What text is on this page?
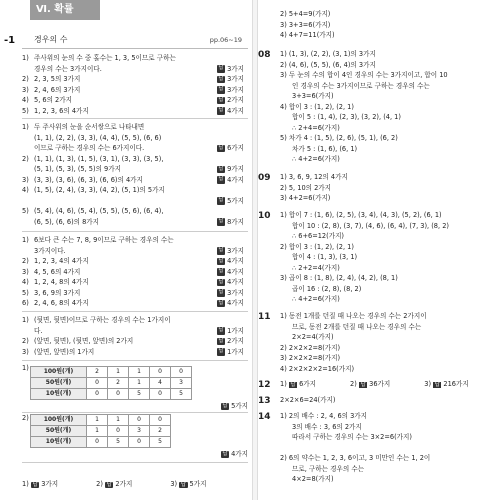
Ⅵ. 확률
-1 경우의 수	pp.06~19
1) 주사위의 눈의 수 중 홀수는 1, 3, 5이므로 구하는
경우의 수는 3가지이다.
2) 2, 3, 5의 3가지
3) 2, 4, 6의 3가지
4) 5, 6의 2가지
5) 1, 2, 3, 6의 4가지
답 3가지
답 3가지
답 3가지
답 2가지
답 4가지
1) 두 주사위의 눈을 순서쌍으로 나타내면
(1, 1), (2, 2), (3, 3), (4, 4), (5, 5), (6, 6)
이므로 구하는 경우의 수는 6가지이다.
2) (1, 1), (1, 3), (1, 5), (3, 1), (3, 3), (3, 5),
(5, 1), (5, 3), (5, 5)의 9가지
3) (3, 3), (3, 6), (6, 3), (6, 6)의 4가지
4) (1, 5), (2, 4), (3, 3), (4, 2), (5, 1)의 5가지
5) (5, 4), (4, 6), (5, 4), (5, 5), (5, 6), (6, 4),
(6, 5), (6, 6)의 8가지
답 6가지
답 9가지
답 4가지
답 5가지
답 8가지
1) 6보다 큰 수는 7, 8, 9이므로 구하는 경우의 수는
3가지이다.
2) 1, 2, 3, 4의 4가지
3) 4, 5, 6의 4가지
4) 1, 2, 4, 8의 4가지
5) 3, 6, 9의 3가지
6) 2, 4, 6, 8의 4가지
답 3가지
답 4가지
답 4가지
답 4가지
답 3가지
답 4가지
1) (뒷면, 뒷면)이므로 구하는 경우의 수는 1가지이
다.
2) (앞면, 뒷면), (뒷면, 앞면)의 2가지
3) (앞면, 앞면)의 1가지
답 1가지
답 2가지
답 1가지
1) 100원(개)	2	1	1	0	0
50원(개)	0	2	1	4	3
10원(개)	0	0	5	0	5
답 5가지
2) 100원(개)	1	1	0	0
50원(개)	1	0	3	2
10원(개)	0	5	0	5
답 4가지
1) 답 3가지	2) 답 2가지	3) 답 5가지
2) 5+4=9(가지)
3) 3+3=6(가지)
4) 4+7=11(가지)
08 1) (1, 3), (2, 2), (3, 1)의 3가지
2) (4, 6), (5, 5), (6, 4)의 3가지
3) 두 눈의 수의 합이 4인 경우의 수는 3가지이고, 합이 10
인 경우의 수는 3가지이므로 구하는 경우의 수는
3+3=6(가지)
4) 합이 3 : (1, 2), (2, 1)
합이 5 : (1, 4), (2, 3), (3, 2), (4, 1)
∴ 2+4=6(가지)
5) 차가 4 : (1, 5), (2, 6), (5, 1), (6, 2)
차가 5 : (1, 6), (6, 1)
∴ 4+2=6(가지)
09 1) 3, 6, 9, 12의 4가지
2) 5, 10의 2가지
3) 4+2=6(가지)
10 1) 합이 7 : (1, 6), (2, 5), (3, 4), (4, 3), (5, 2), (6, 1)
합이 10 : (2, 8), (3, 7), (4, 6), (6, 4), (7, 3), (8, 2)
∴ 6+6=12(가지)
2) 합이 3 : (1, 2), (2, 1)
합이 4 : (1, 3), (3, 1)
∴ 2+2=4(가지)
3) 곱이 8 : (1, 8), (2, 4), (4, 2), (8, 1)
곱이 16 : (2, 8), (8, 2)
∴ 4+2=6(가지)
11 1) 동전 1개를 던질 때 나오는 경우의 수는 2가지이
므로, 동전 2개를 던질 때 나오는 경우의 수는
2×2=4(가지)
2) 2×2×2=8(가지)
3) 2×2×2=8(가지)
4) 2×2×2×2=16(가지)
12 1) 답 6가지	2) 답 36가지	3) 답 216가지
13 2×2×6=24(가지)
14 1) 2의 배수 : 2, 4, 6의 3가지
3의 배수 : 3, 6의 2가지
따라서 구하는 경우의 수는 3×2=6(가지)
2) 6의 약수는 1, 2, 3, 6이고, 3 미만인 수는 1, 2이
므로, 구하는 경우의 수는
4×2=8(가지)
